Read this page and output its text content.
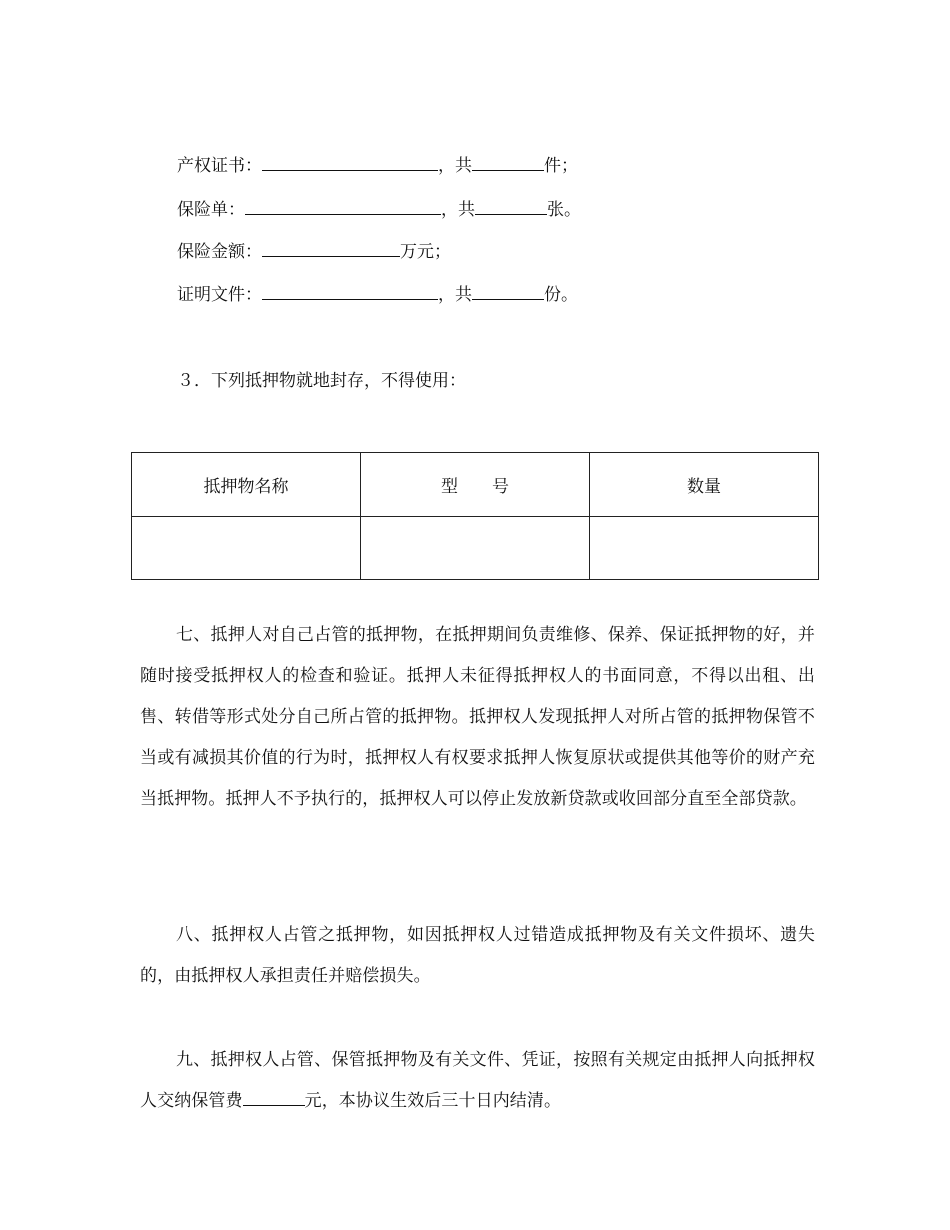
产权证书：	，共	件；
保险单：	，共	张。
保险金额：	万元；
证明文件：	，共	份。
３．下列抵押物就地封存，不得使用：
抵押物名称	型　　号	数量

七、抵押人对自己占管的抵押物，在抵押期间负责维修、保养、保证抵押物的好，并随时接受抵押权人的检查和验证。抵押人未征得抵押权人的书面同意，不得以出租、出售、转借等形式处分自己所占管的抵押物。抵押权人发现抵押人对所占管的抵押物保管不当或有减损其价值的行为时，抵押权人有权要求抵押人恢复原状或提供其他等价的财产充当抵押物。抵押人不予执行的，抵押权人可以停止发放新贷款或收回部分直至全部贷款。
八、抵押权人占管之抵押物，如因抵押权人过错造成抵押物及有关文件损坏、遗失的，由抵押权人承担责任并赔偿损失。
九、抵押权人占管、保管抵押物及有关文件、凭证，按照有关规定由抵押人向抵押权人交纳保管费	元，本协议生效后三十日内结清。
